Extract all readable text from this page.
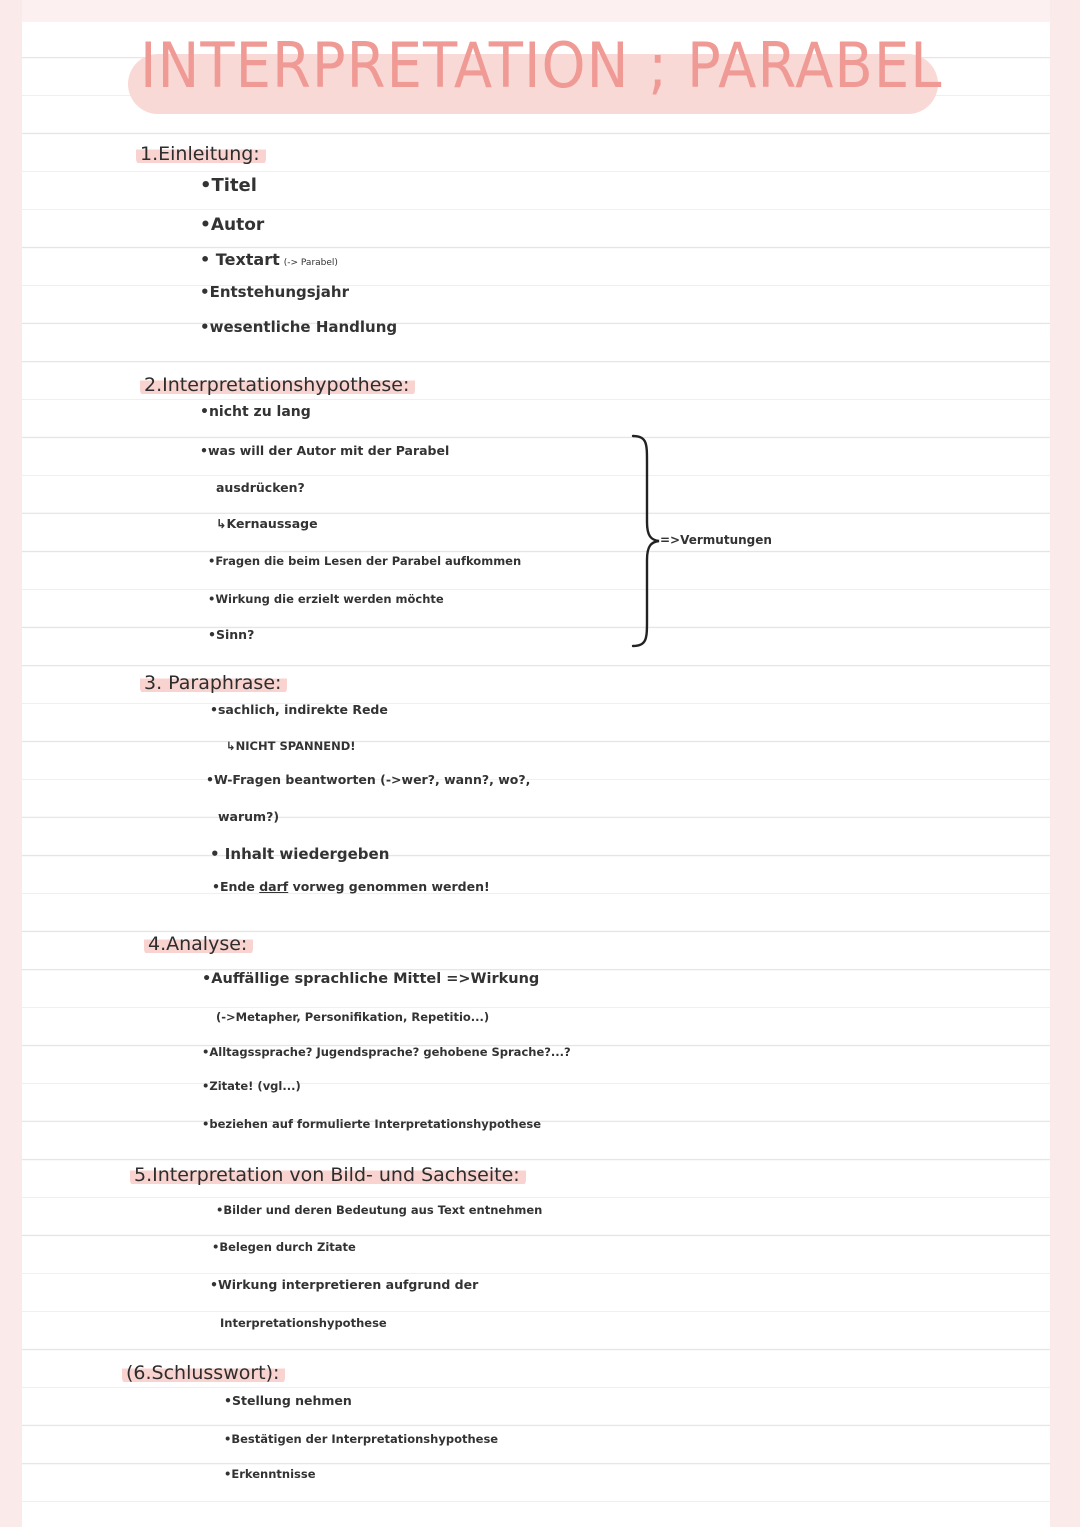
INTERPRETATION ; PARABEL
1.Einleitung:
•Titel
•Autor
• Textart (-> Parabel)
•Entstehungsjahr
•wesentliche Handlung
2.Interpretationshypothese:
•nicht zu lang
•was will der Autor mit der Parabel
ausdrücken?
↳Kernaussage
•Fragen die beim Lesen der Parabel aufkommen
•Wirkung die erzielt werden möchte
•Sinn?
=>Vermutungen
3. Paraphrase:
•sachlich, indirekte Rede
↳NICHT SPANNEND!
•W-Fragen beantworten (->wer?, wann?, wo?,
warum?)
• Inhalt wiedergeben
•Ende darf vorweg genommen werden!
4.Analyse:
•Auffällige sprachliche Mittel =>Wirkung
(->Metapher, Personifikation, Repetitio...)
•Alltagssprache? Jugendsprache? gehobene Sprache?...?
•Zitate! (vgl...)
•beziehen auf formulierte Interpretationshypothese
5.Interpretation von Bild- und Sachseite:
•Bilder und deren Bedeutung aus Text entnehmen
•Belegen durch Zitate
•Wirkung interpretieren aufgrund der
Interpretationshypothese
(6.Schlusswort):
•Stellung nehmen
•Bestätigen der Interpretationshypothese
•Erkenntnisse
